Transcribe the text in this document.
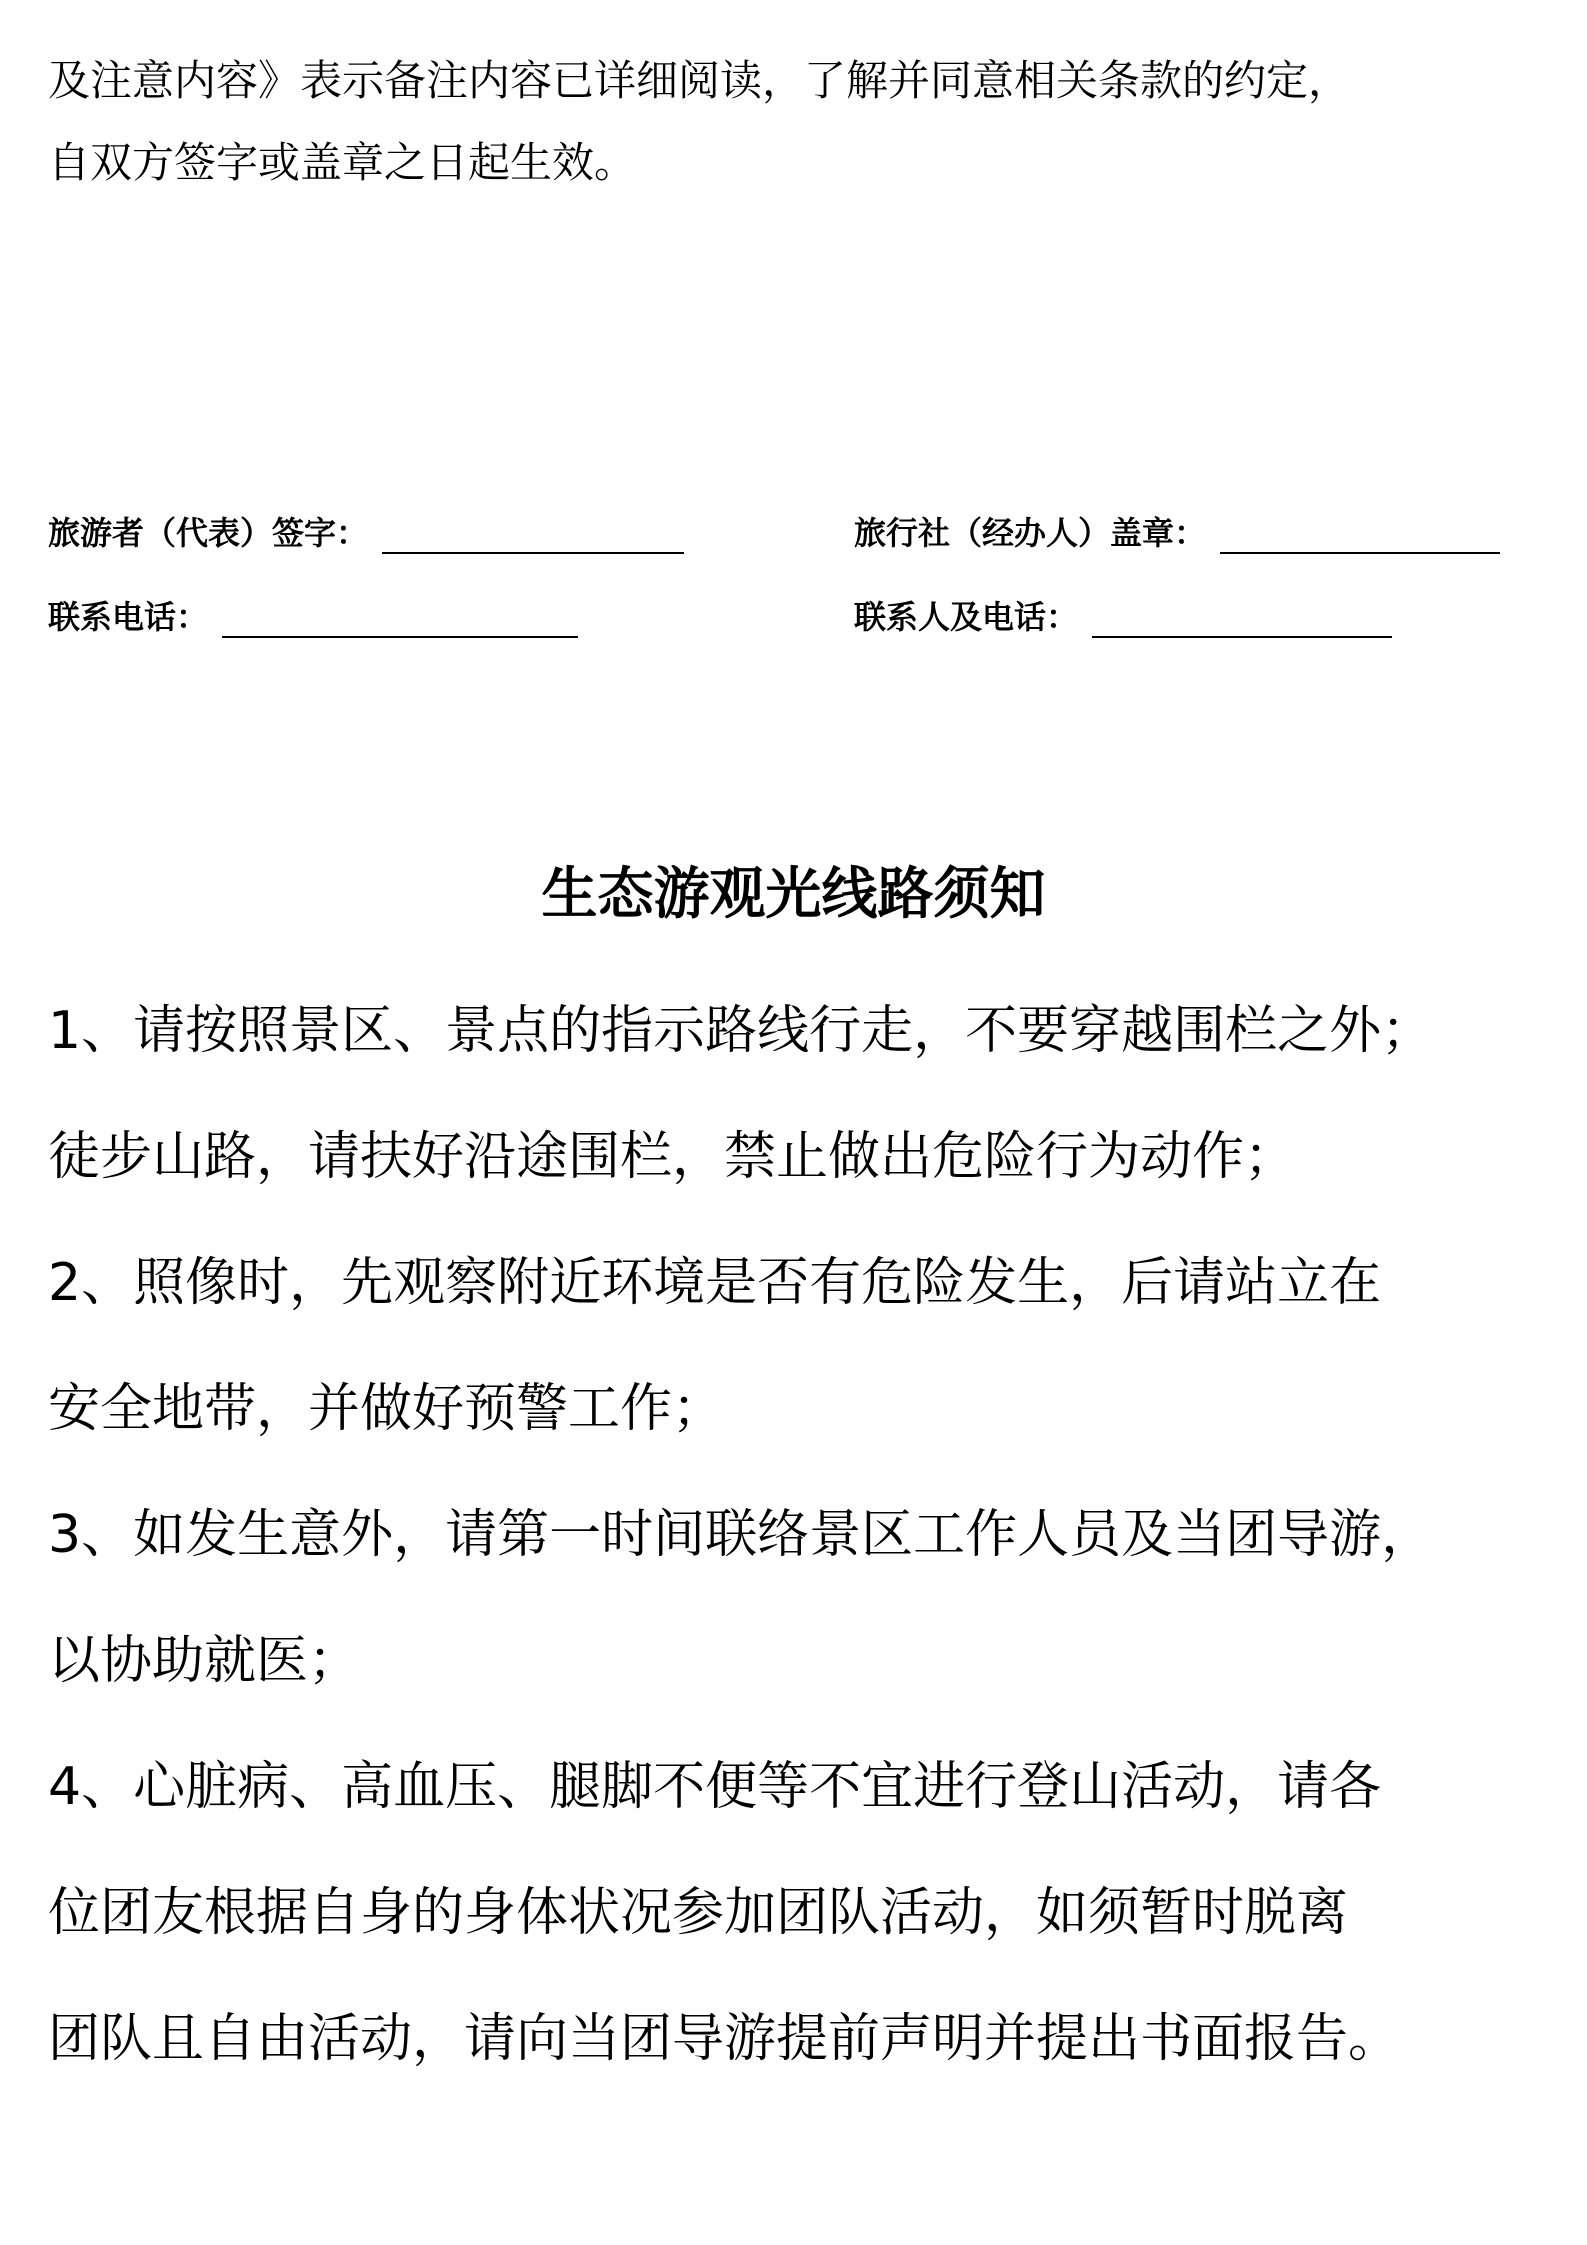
及注意内容》表示备注内容已详细阅读，了解并同意相关条款的约定，

自双方签字或盖章之日起生效。

旅游者（代表）签字：	旅行社（经办人）盖章：
联系电话：	联系人及电话：
生态游观光线路须知

1、请按照景区、景点的指示路线行走，不要穿越围栏之外；

徒步山路，请扶好沿途围栏，禁止做出危险行为动作；

2、照像时，先观察附近环境是否有危险发生，后请站立在

安全地带，并做好预警工作；

3、如发生意外，请第一时间联络景区工作人员及当团导游，

以协助就医；

4、心脏病、高血压、腿脚不便等不宜进行登山活动，请各

位团友根据自身的身体状况参加团队活动，如须暂时脱离

团队且自由活动，请向当团导游提前声明并提出书面报告。
